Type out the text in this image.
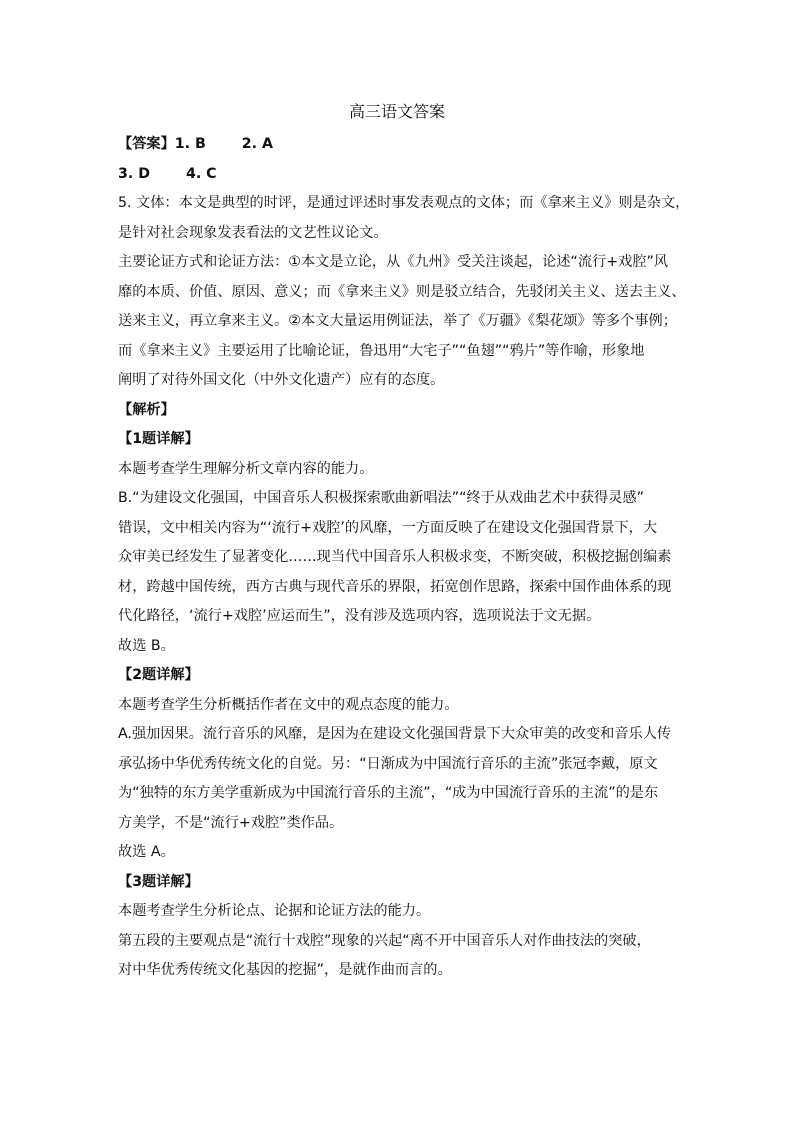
高三语文答案
【答案】1. B	2. A
3. D	4. C
5. 文体：本文是典型的时评，是通过评述时事发表观点的文体；而《拿来主义》则是杂文，
是针对社会现象发表看法的文艺性议论文。
主要论证方式和论证方法：①本文是立论，从《九州》受关注谈起，论述“流行+戏腔”风
靡的本质、价值、原因、意义；而《拿来主义》则是驳立结合，先驳闭关主义、送去主义、
送来主义，再立拿来主义。②本文大量运用例证法，举了《万疆》《梨花颂》等多个事例；
而《拿来主义》主要运用了比喻论证，鲁迅用“大宅子”“鱼翅”“鸦片”等作喻，形象地
阐明了对待外国文化（中外文化遗产）应有的态度。
【解析】
【1题详解】
本题考查学生理解分析文章内容的能力。
B.“为建设文化强国，中国音乐人积极探索歌曲新唱法”“终于从戏曲艺术中获得灵感”
错误，文中相关内容为“‘流行+戏腔’的风靡，一方面反映了在建设文化强国背景下，大
众审美已经发生了显著变化……现当代中国音乐人积极求变，不断突破，积极挖掘创编素
材，跨越中国传统，西方古典与现代音乐的界限，拓宽创作思路，探索中国作曲体系的现
代化路径，‘流行+戏腔’应运而生”，没有涉及选项内容，选项说法于文无据。
故选 B。
【2题详解】
本题考查学生分析概括作者在文中的观点态度的能力。
A.强加因果。流行音乐的风靡，是因为在建设文化强国背景下大众审美的改变和音乐人传
承弘扬中华优秀传统文化的自觉。另：“日渐成为中国流行音乐的主流”张冠李戴，原文
为“独特的东方美学重新成为中国流行音乐的主流”，“成为中国流行音乐的主流”的是东
方美学，不是“流行+戏腔”类作品。
故选 A。
【3题详解】
本题考查学生分析论点、论据和论证方法的能力。
第五段的主要观点是“流行十戏腔”现象的兴起“离不开中国音乐人对作曲技法的突破，
对中华优秀传统文化基因的挖掘”，是就作曲而言的。
